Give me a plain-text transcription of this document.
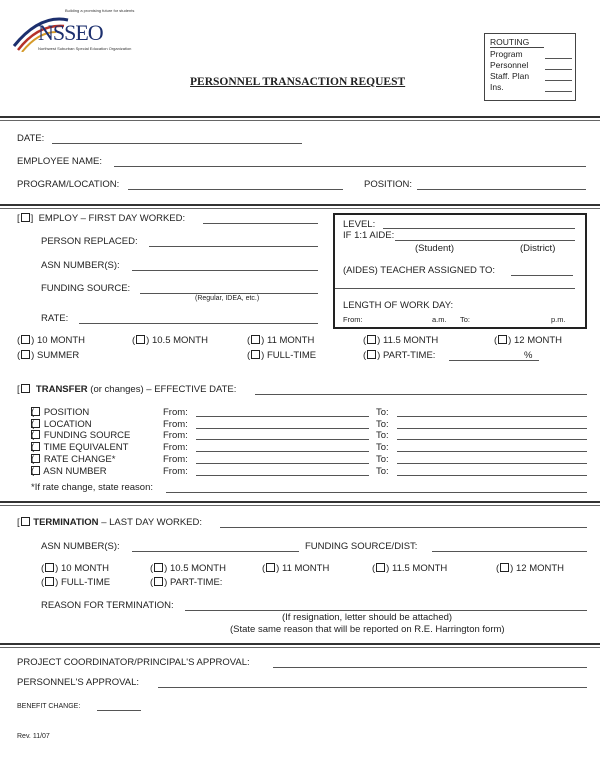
Building a promising future for students
NSSEO
Northwest Suburban Special Education Organization
PERSONNEL TRANSACTION REQUEST
ROUTING
Program
Personnel
Staff. Plan
Ins.
DATE:
EMPLOYEE NAME:
PROGRAM/LOCATION:	POSITION:
[ ] EMPLOY – FIRST DAY WORKED:
PERSON REPLACED:
ASN NUMBER(S):
FUNDING SOURCE:
(Regular, IDEA, etc.)
RATE:
LEVEL:
IF 1:1 AIDE:
(Student)	(District)
(AIDES) TEACHER ASSIGNED TO:
LENGTH OF WORK DAY:
From:	a.m. To:	p.m.
( ) 10 MONTH	( ) 10.5 MONTH	( ) 11 MONTH	( ) 11.5 MONTH	( ) 12 MONTH
( ) SUMMER	( ) FULL-TIME	( ) PART-TIME:	%
[ TRANSFER (or changes) – EFFECTIVE DATE:
( POSITION	From:	To:
( LOCATION	From:	To:
( FUNDING SOURCE	From:	To:
( TIME EQUIVALENT	From:	To:
( RATE CHANGE*	From:	To:
( ASN NUMBER	From:	To:
*If rate change, state reason:
[ TERMINATION – LAST DAY WORKED:
ASN NUMBER(S):	FUNDING SOURCE/DIST:
( ) 10 MONTH	( ) 10.5 MONTH	( ) 11 MONTH	( ) 11.5 MONTH	( ) 12 MONTH
( ) FULL-TIME	( ) PART-TIME:
REASON FOR TERMINATION:
(If resignation, letter should be attached)
(State same reason that will be reported on R.E. Harrington form)
PROJECT COORDINATOR/PRINCIPAL'S APPROVAL:
PERSONNEL'S APPROVAL:
BENEFIT CHANGE:
Rev. 11/07
